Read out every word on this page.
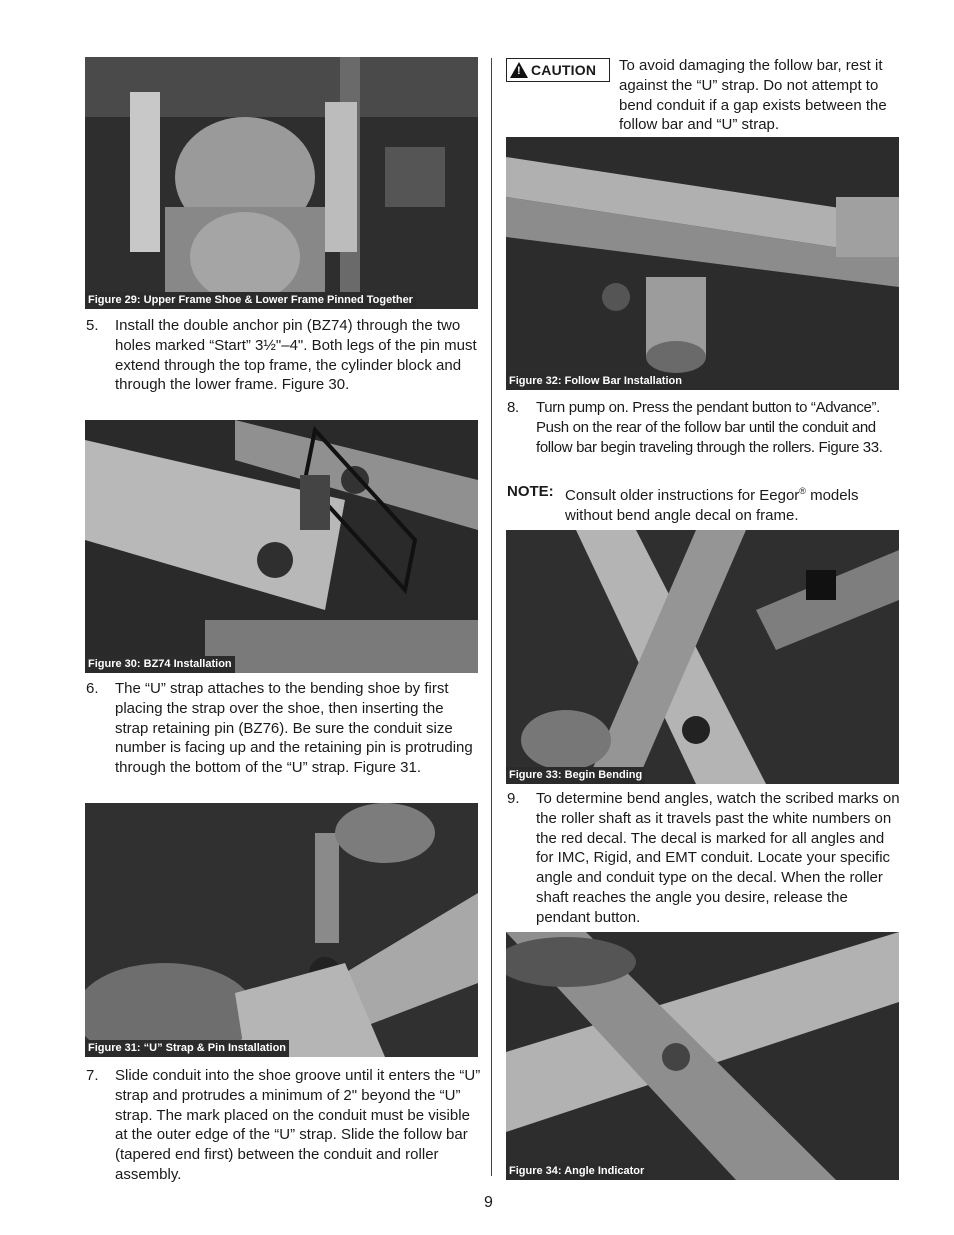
Figure 29: Upper Frame Shoe & Lower Frame Pinned Together
5. Install the double anchor pin (BZ74) through the two holes marked “Start” 3½"–4". Both legs of the pin must extend through the top frame, the cylinder block and through the lower frame. Figure 30.
Figure 30: BZ74 Installation
6. The “U” strap attaches to the bending shoe by first placing the strap over the shoe, then inserting the strap retaining pin (BZ76). Be sure the conduit size number is facing up and the retaining pin is protruding through the bottom of the “U” strap. Figure 31.
Figure 31: “U” Strap & Pin Installation
7. Slide conduit into the shoe groove until it enters the “U” strap and protrudes a minimum of 2" beyond the “U” strap. The mark placed on the conduit must be visible at the outer edge of the “U” strap. Slide the follow bar (tapered end first) between the conduit and roller assembly.
! CAUTION To avoid damaging the follow bar, rest it against the “U” strap. Do not attempt to bend conduit if a gap exists between the follow bar and “U” strap.
Figure 32: Follow Bar Installation
8. Turn pump on. Press the pendant button to “Advance”. Push on the rear of the follow bar until the conduit and follow bar begin traveling through the rollers. Figure 33.
NOTE: Consult older instructions for Eegor® models without bend angle decal on frame.
Figure 33: Begin Bending
9. To determine bend angles, watch the scribed marks on the roller shaft as it travels past the white numbers on the red decal. The decal is marked for all angles and for IMC, Rigid, and EMT conduit. Locate your specific angle and conduit type on the decal. When the roller shaft reaches the angle you desire, release the pendant button.
Figure 34: Angle Indicator
9
